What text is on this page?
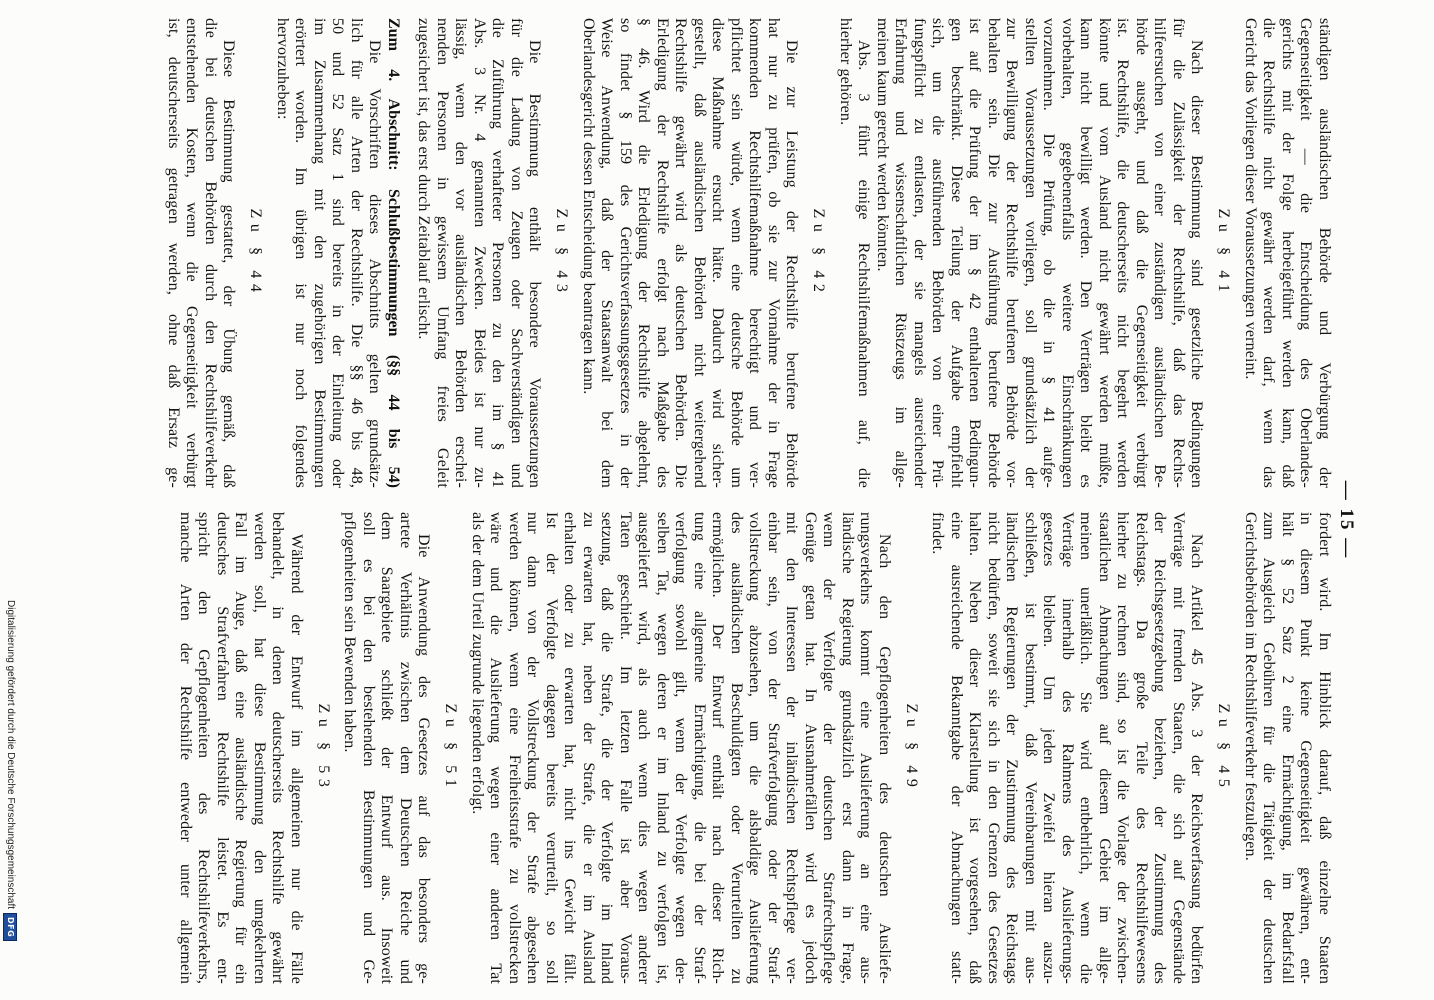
— 15 —
ständigen ausländischen Behörde und Verbürgung der
Gegenseitigkeit — die Entscheidung des Oberlandes-
gerichts mit der Folge herbeigeführt werden kann, daß
die Rechtshilfe nicht gewährt werden darf, wenn das
Gericht das Vorliegen dieser Voraussetzungen verneint.
Zu § 41
Nach dieser Bestimmung sind gesetzliche Bedingungen
für die Zulässigkeit der Rechtshilfe, daß das Rechts-
hilfeersuchen von einer zuständigen ausländischen Be-
hörde ausgeht, und daß die Gegenseitigkeit verbürgt
ist. Rechtshilfe, die deutscherseits nicht begehrt werden
könnte und vom Ausland nicht gewährt werden müßte,
kann nicht bewilligt werden. Den Verträgen bleibt es
vorbehalten, gegebenenfalls weitere Einschränkungen
vorzunehmen. Die Prüfung, ob die in § 41 aufge-
stellten Voraussetzungen vorliegen, soll grundsätzlich der
zur Bewilligung der Rechtshilfe berufenen Behörde vor-
behalten sein. Die zur Ausführung berufene Behörde
ist auf die Prüfung der im § 42 enthaltenen Bedingun-
gen beschränkt. Diese Teilung der Aufgabe empfiehlt
sich, um die ausführenden Behörden von einer Prü-
fungspflicht zu entlasten, der sie mangels ausreichender
Erfahrung und wissenschaftlichen Rüstzeugs im allge-
meinen kaum gerecht werden könnten.
Abs. 3 führt einige Rechtshilfemaßnahmen auf, die
hierher gehören.
Zu § 42
Die zur Leistung der Rechtshilfe berufene Behörde
hat nur zu prüfen, ob sie zur Vornahme der in Frage
kommenden Rechtshilfemaßnahme berechtigt und ver-
pflichtet sein würde, wenn eine deutsche Behörde um
diese Maßnahme ersucht hätte. Dadurch wird sicher-
gestellt, daß ausländischen Behörden nicht weitergehend
Rechtshilfe gewährt wird als deutschen Behörden. Die
Erledigung der Rechtshilfe erfolgt nach Maßgabe des
§ 46. Wird die Erledigung der Rechtshilfe abgelehnt,
so findet § 159 des Gerichtsverfassungsgesetzes in der
Weise Anwendung, daß der Staatsanwalt bei dem
Oberlandesgericht dessen Entscheidung beantragen kann.
Zu § 43
Die Bestimmung enthält besondere Voraussetzungen
für die Ladung von Zeugen oder Sachverständigen und
die Zuführung verhafteter Personen zu den im § 41
Abs. 3 Nr. 4 genannten Zwecken. Beides ist nur zu-
lässig, wenn den vor ausländischen Behörden erschei-
nenden Personen in gewissem Umfang freies Geleit
zugesichert ist, das erst durch Zeitablauf erlischt.
Zum 4. Abschnitt: Schlußbestimmungen (§§ 44 bis 54)
Die Vorschriften dieses Abschnitts gelten grundsätz-
lich für alle Arten der Rechtshilfe. Die §§ 46 bis 48,
50 und 52 Satz 1 sind bereits in der Einleitung oder
im Zusammenhang mit den zugehörigen Bestimmungen
erörtert worden. Im übrigen ist nur noch folgendes
hervorzuheben:
Zu § 44
Diese Bestimmung gestattet, der Übung gemäß, daß
die bei deutschen Behörden durch den Rechtshilfeverkehr
entstehenden Kosten, wenn die Gegenseitigkeit verbürgt
ist, deutscherseits getragen werden, ohne daß Ersatz ge-
fordert wird. Im Hinblick darauf, daß einzelne Staaten
in diesem Punkt keine Gegenseitigkeit gewähren, ent-
hält § 52 Satz 2 eine Ermächtigung, im Bedarfsfall
zum Ausgleich Gebühren für die Tätigkeit der deutschen
Gerichtsbehörden im Rechtshilfeverkehr festzulegen.
Zu § 45
Nach Artikel 45 Abs. 3 der Reichsverfassung bedürfen
Verträge mit fremden Staaten, die sich auf Gegenstände
der Reichsgesetzgebung beziehen, der Zustimmung des
Reichstags. Da große Teile des Rechtshilfewesens
hierher zu rechnen sind, so ist die Vorlage der zwischen-
staatlichen Abmachungen auf diesem Gebiet im allge-
meinen unerläßlich. Sie wird entbehrlich, wenn die
Verträge innerhalb des Rahmens des Auslieferungs-
gesetzes bleiben. Um jeden Zweifel hieran auszu-
schließen, ist bestimmt, daß Vereinbarungen mit aus-
ländischen Regierungen der Zustimmung des Reichstags
nicht bedürfen, soweit sie sich in den Grenzen des Gesetzes
halten. Neben dieser Klarstellung ist vorgesehen, daß
eine ausreichende Bekanntgabe der Abmachungen statt-
findet.
Zu § 49
Nach den Gepflogenheiten des deutschen Ausliefe-
rungsverkehrs kommt eine Auslieferung an eine aus-
ländische Regierung grundsätzlich erst dann in Frage,
wenn der Verfolgte der deutschen Strafrechtspflege
Genüge getan hat. In Ausnahmefällen wird es jedoch
mit den Interessen der inländischen Rechtspflege ver-
einbar sein, von der Strafverfolgung oder der Straf-
vollstreckung abzusehen, um die alsbaldige Auslieferung
des ausländischen Beschuldigten oder Verurteilten zu
ermöglichen. Der Entwurf enthält nach dieser Rich-
tung eine allgemeine Ermächtigung, die bei der Straf-
verfolgung sowohl gilt, wenn der Verfolgte wegen der-
selben Tat, wegen deren er im Inland zu verfolgen ist,
ausgeliefert wird, als auch wenn dies wegen anderer
Taten geschieht. Im letzten Falle ist aber Voraus-
setzung, daß die Strafe, die der Verfolgte im Inland
zu erwarten hat, neben der Strafe, die er im Ausland
erhalten oder zu erwarten hat, nicht ins Gewicht fällt.
Ist der Verfolgte dagegen bereits verurteilt, so soll
nur dann von der Vollstreckung der Strafe abgesehen
werden können, wenn eine Freiheitsstrafe zu vollstrecken
wäre und die Auslieferung wegen einer anderen Tat
als der dem Urteil zugrunde liegenden erfolgt.
Zu § 51
Die Anwendung des Gesetzes auf das besonders ge-
artete Verhältnis zwischen dem Deutschen Reiche und
dem Saargebiete schließt der Entwurf aus. Insoweit
soll es bei den bestehenden Bestimmungen und Ge-
pflogenheiten sein Bewenden haben.
Zu § 53
Während der Entwurf im allgemeinen nur die Fälle
behandelt, in denen deutscherseits Rechtshilfe gewährt
werden soll, hat diese Bestimmung den umgekehrten
Fall im Auge, daß eine ausländische Regierung für ein
deutsches Strafverfahren Rechtshilfe leistet. Es ent-
spricht den Gepflogenheiten des Rechtshilfeverkehrs,
manche Arten der Rechtshilfe entweder unter allgemein
Digitalisierung gefördert durch die Deutsche Forschungsgemeinschaft
DFG
